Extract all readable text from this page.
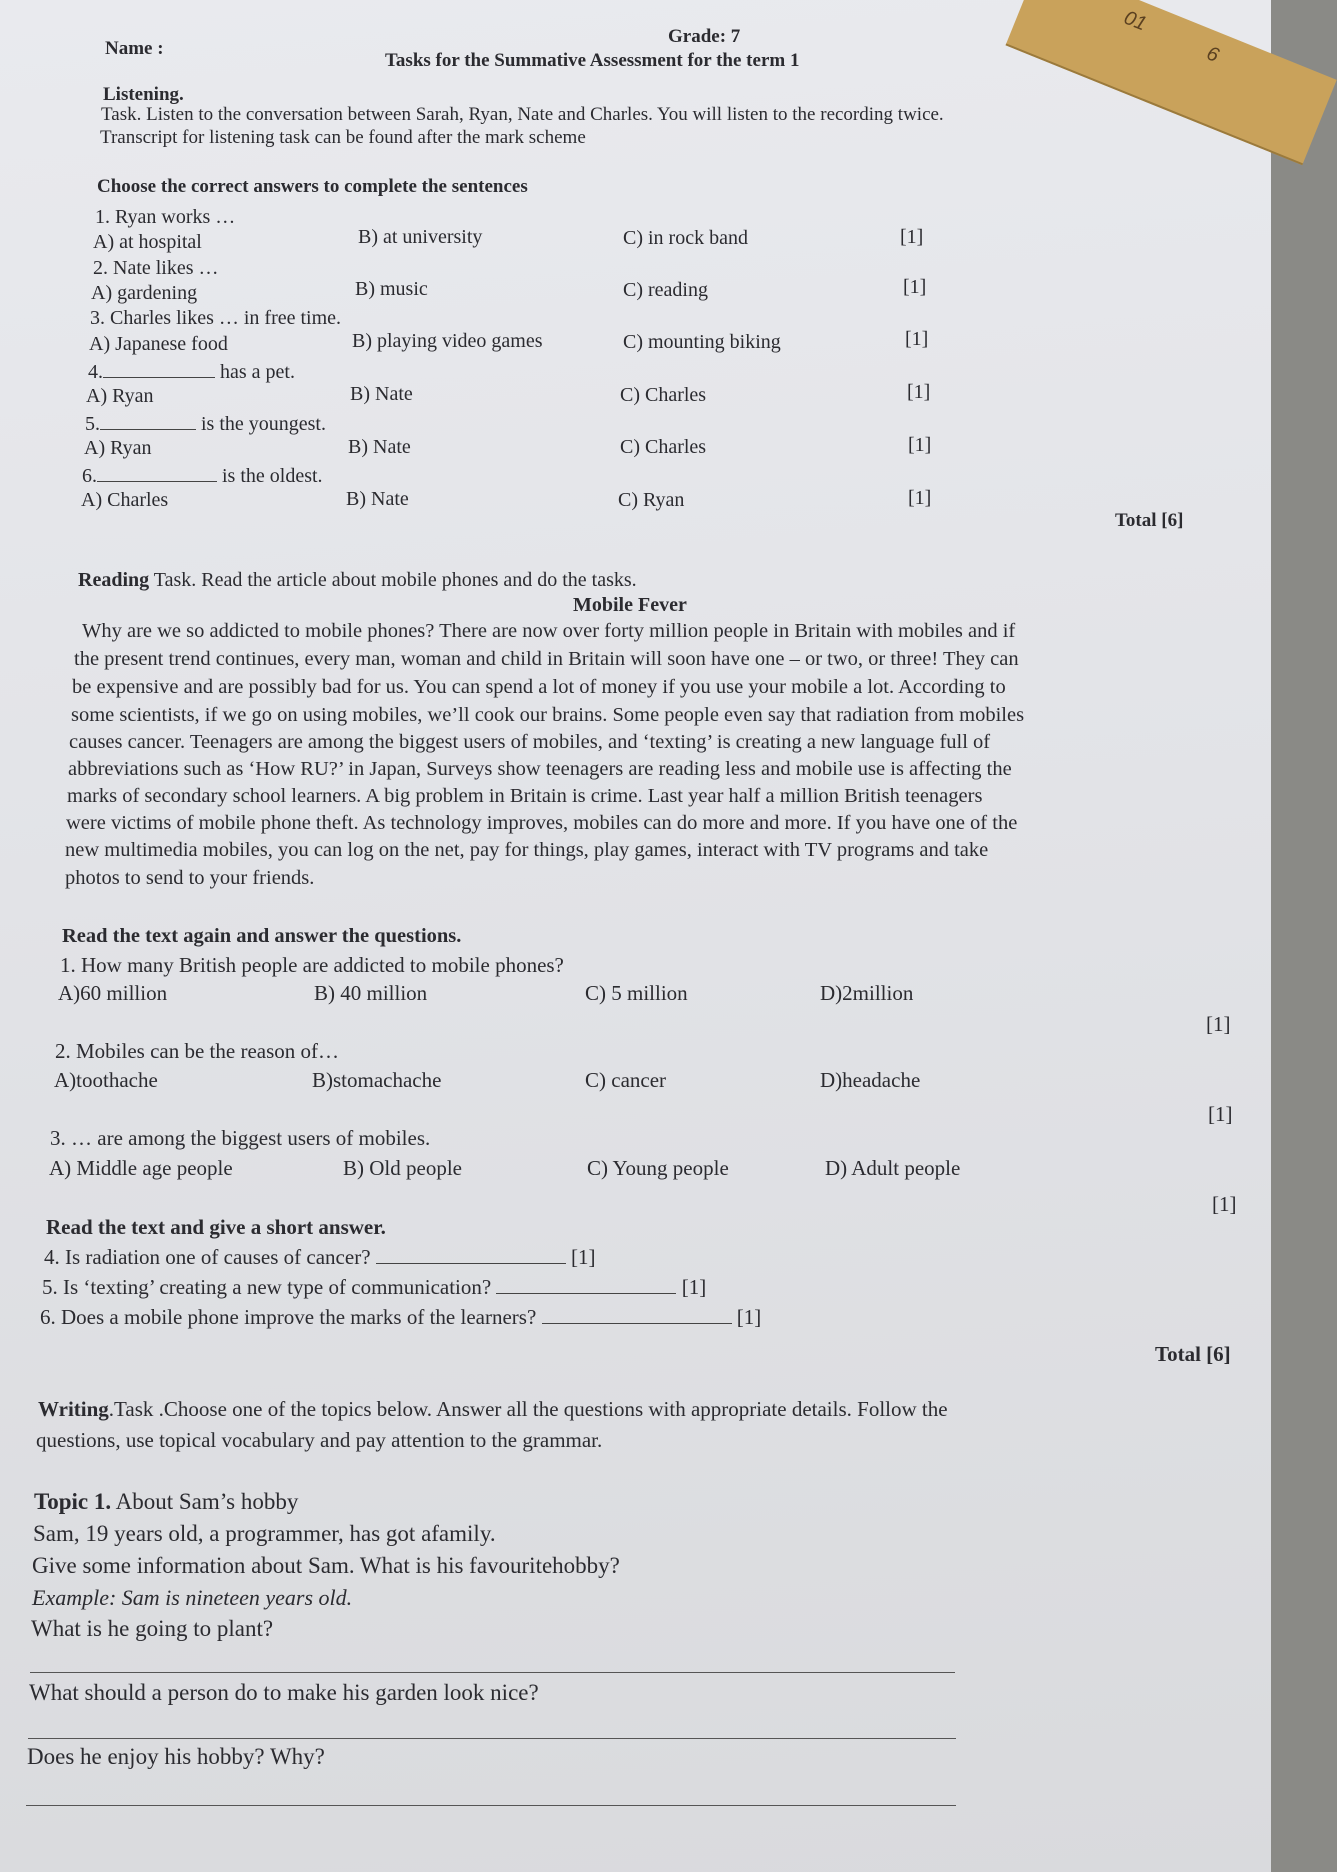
01
6
Name :
Grade: 7
Tasks for the Summative Assessment for the term 1
Listening.
Task. Listen to the conversation between Sarah, Ryan, Nate and Charles. You will listen to the recording twice.
Transcript for listening task can be found after the mark scheme
Choose the correct answers to complete the sentences
1. Ryan works …
A) at hospital	B) at university	C) in rock band	[1]
2. Nate likes …
A) gardening	B) music	C) reading	[1]
3. Charles likes … in free time.
A) Japanese food	B) playing video games	C) mounting biking	[1]
4.	has a pet.
A) Ryan	B) Nate	C) Charles	[1]
5.	is the youngest.
A) Ryan	B) Nate	C) Charles	[1]
6.	is the oldest.
A) Charles	B) Nate	C) Ryan	[1]
Total [6]
Reading Task. Read the article about mobile phones and do the tasks.
Mobile Fever
Why are we so addicted to mobile phones? There are now over forty million people in Britain with mobiles and if
the present trend continues, every man, woman and child in Britain will soon have one – or two, or three! They can
be expensive and are possibly bad for us. You can spend a lot of money if you use your mobile a lot. According to
some scientists, if we go on using mobiles, we’ll cook our brains. Some people even say that radiation from mobiles
causes cancer. Teenagers are among the biggest users of mobiles, and ‘texting’ is creating a new language full of
abbreviations such as ‘How RU?’ in Japan, Surveys show teenagers are reading less and mobile use is affecting the
marks of secondary school learners. A big problem in Britain is crime. Last year half a million British teenagers
were victims of mobile phone theft. As technology improves, mobiles can do more and more. If you have one of the
new multimedia mobiles, you can log on the net, pay for things, play games, interact with TV programs and take
photos to send to your friends.
Read the text again and answer the questions.
1. How many British people are addicted to mobile phones?
A)60 million	B) 40 million	C) 5 million	D)2million
[1]
2. Mobiles can be the reason of…
A)toothache	B)stomachache	C) cancer	D)headache
[1]
3. … are among the biggest users of mobiles.
A) Middle age people	B) Old people	C) Young people	D) Adult people
[1]
Read the text and give a short answer.
4. Is radiation one of causes of cancer?	[1]
5. Is ‘texting’ creating a new type of communication?	[1]
6. Does a mobile phone improve the marks of the learners?	[1]
Total [6]
Writing.Task .Choose one of the topics below. Answer all the questions with appropriate details. Follow the
questions, use topical vocabulary and pay attention to the grammar.
Topic 1. About Sam’s hobby
Sam, 19 years old, a programmer, has got afamily.
Give some information about Sam. What is his favouritehobby?
Example: Sam is nineteen years old.
What is he going to plant?
What should a person do to make his garden look nice?
Does he enjoy his hobby? Why?
